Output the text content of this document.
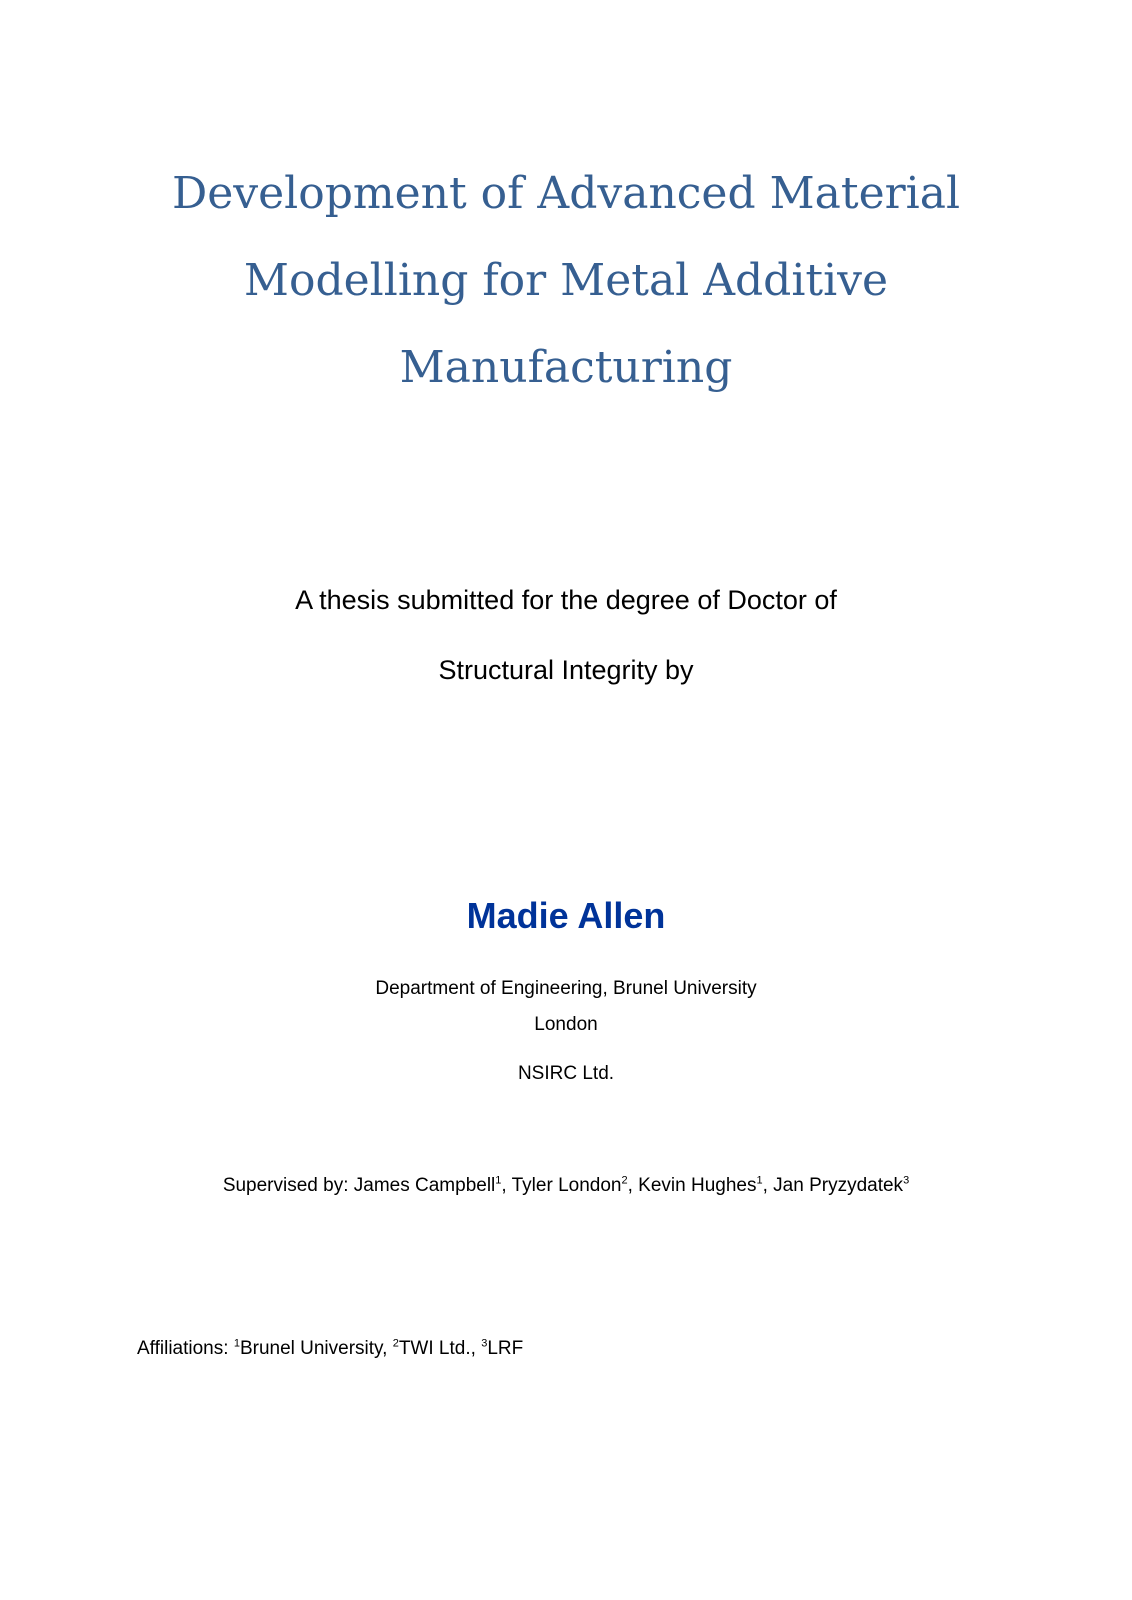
Development of Advanced Material
Modelling for Metal Additive
Manufacturing
A thesis submitted for the degree of Doctor of
Structural Integrity by
Madie Allen
Department of Engineering, Brunel University
London
NSIRC Ltd.
Supervised by: James Campbell$^1$, Tyler London$^2$, Kevin Hughes$^1$, Jan Pryzydatek$^3$
Affiliations: $^1$Brunel University, $^2$TWI Ltd., $^3$LRF
